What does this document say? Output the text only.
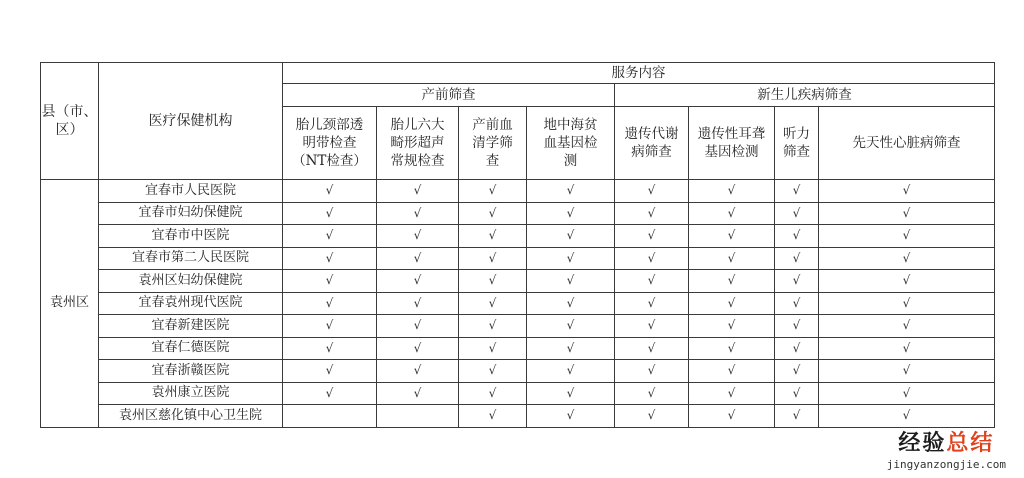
县（市、区）	医疗保健机构	服务内容							
		产前筛查				新生儿疾病筛查			
		胎儿颈部透明带检查（NT检查）	胎儿六大畸形超声常规检查	产前血清学筛查	地中海贫血基因检测	遗传代谢病筛查	遗传性耳聋基因检测	听力筛查	先天性心脏病筛查
袁州区	宜春市人民医院	√	√	√	√	√	√	√	√
	宜春市妇幼保健院	√	√	√	√	√	√	√	√
	宜春市中医院	√	√	√	√	√	√	√	√
	宜春市第二人民医院	√	√	√	√	√	√	√	√
	袁州区妇幼保健院	√	√	√	√	√	√	√	√
	宜春袁州现代医院	√	√	√	√	√	√	√	√
	宜春新建医院	√	√	√	√	√	√	√	√
	宜春仁德医院	√	√	√	√	√	√	√	√
	宜春浙赣医院	√	√	√	√	√	√	√	√
	袁州康立医院	√	√	√	√	√	√	√	√
	袁州区慈化镇中心卫生院			√	√	√	√	√	√
经验总结
jingyanzongjie.com
